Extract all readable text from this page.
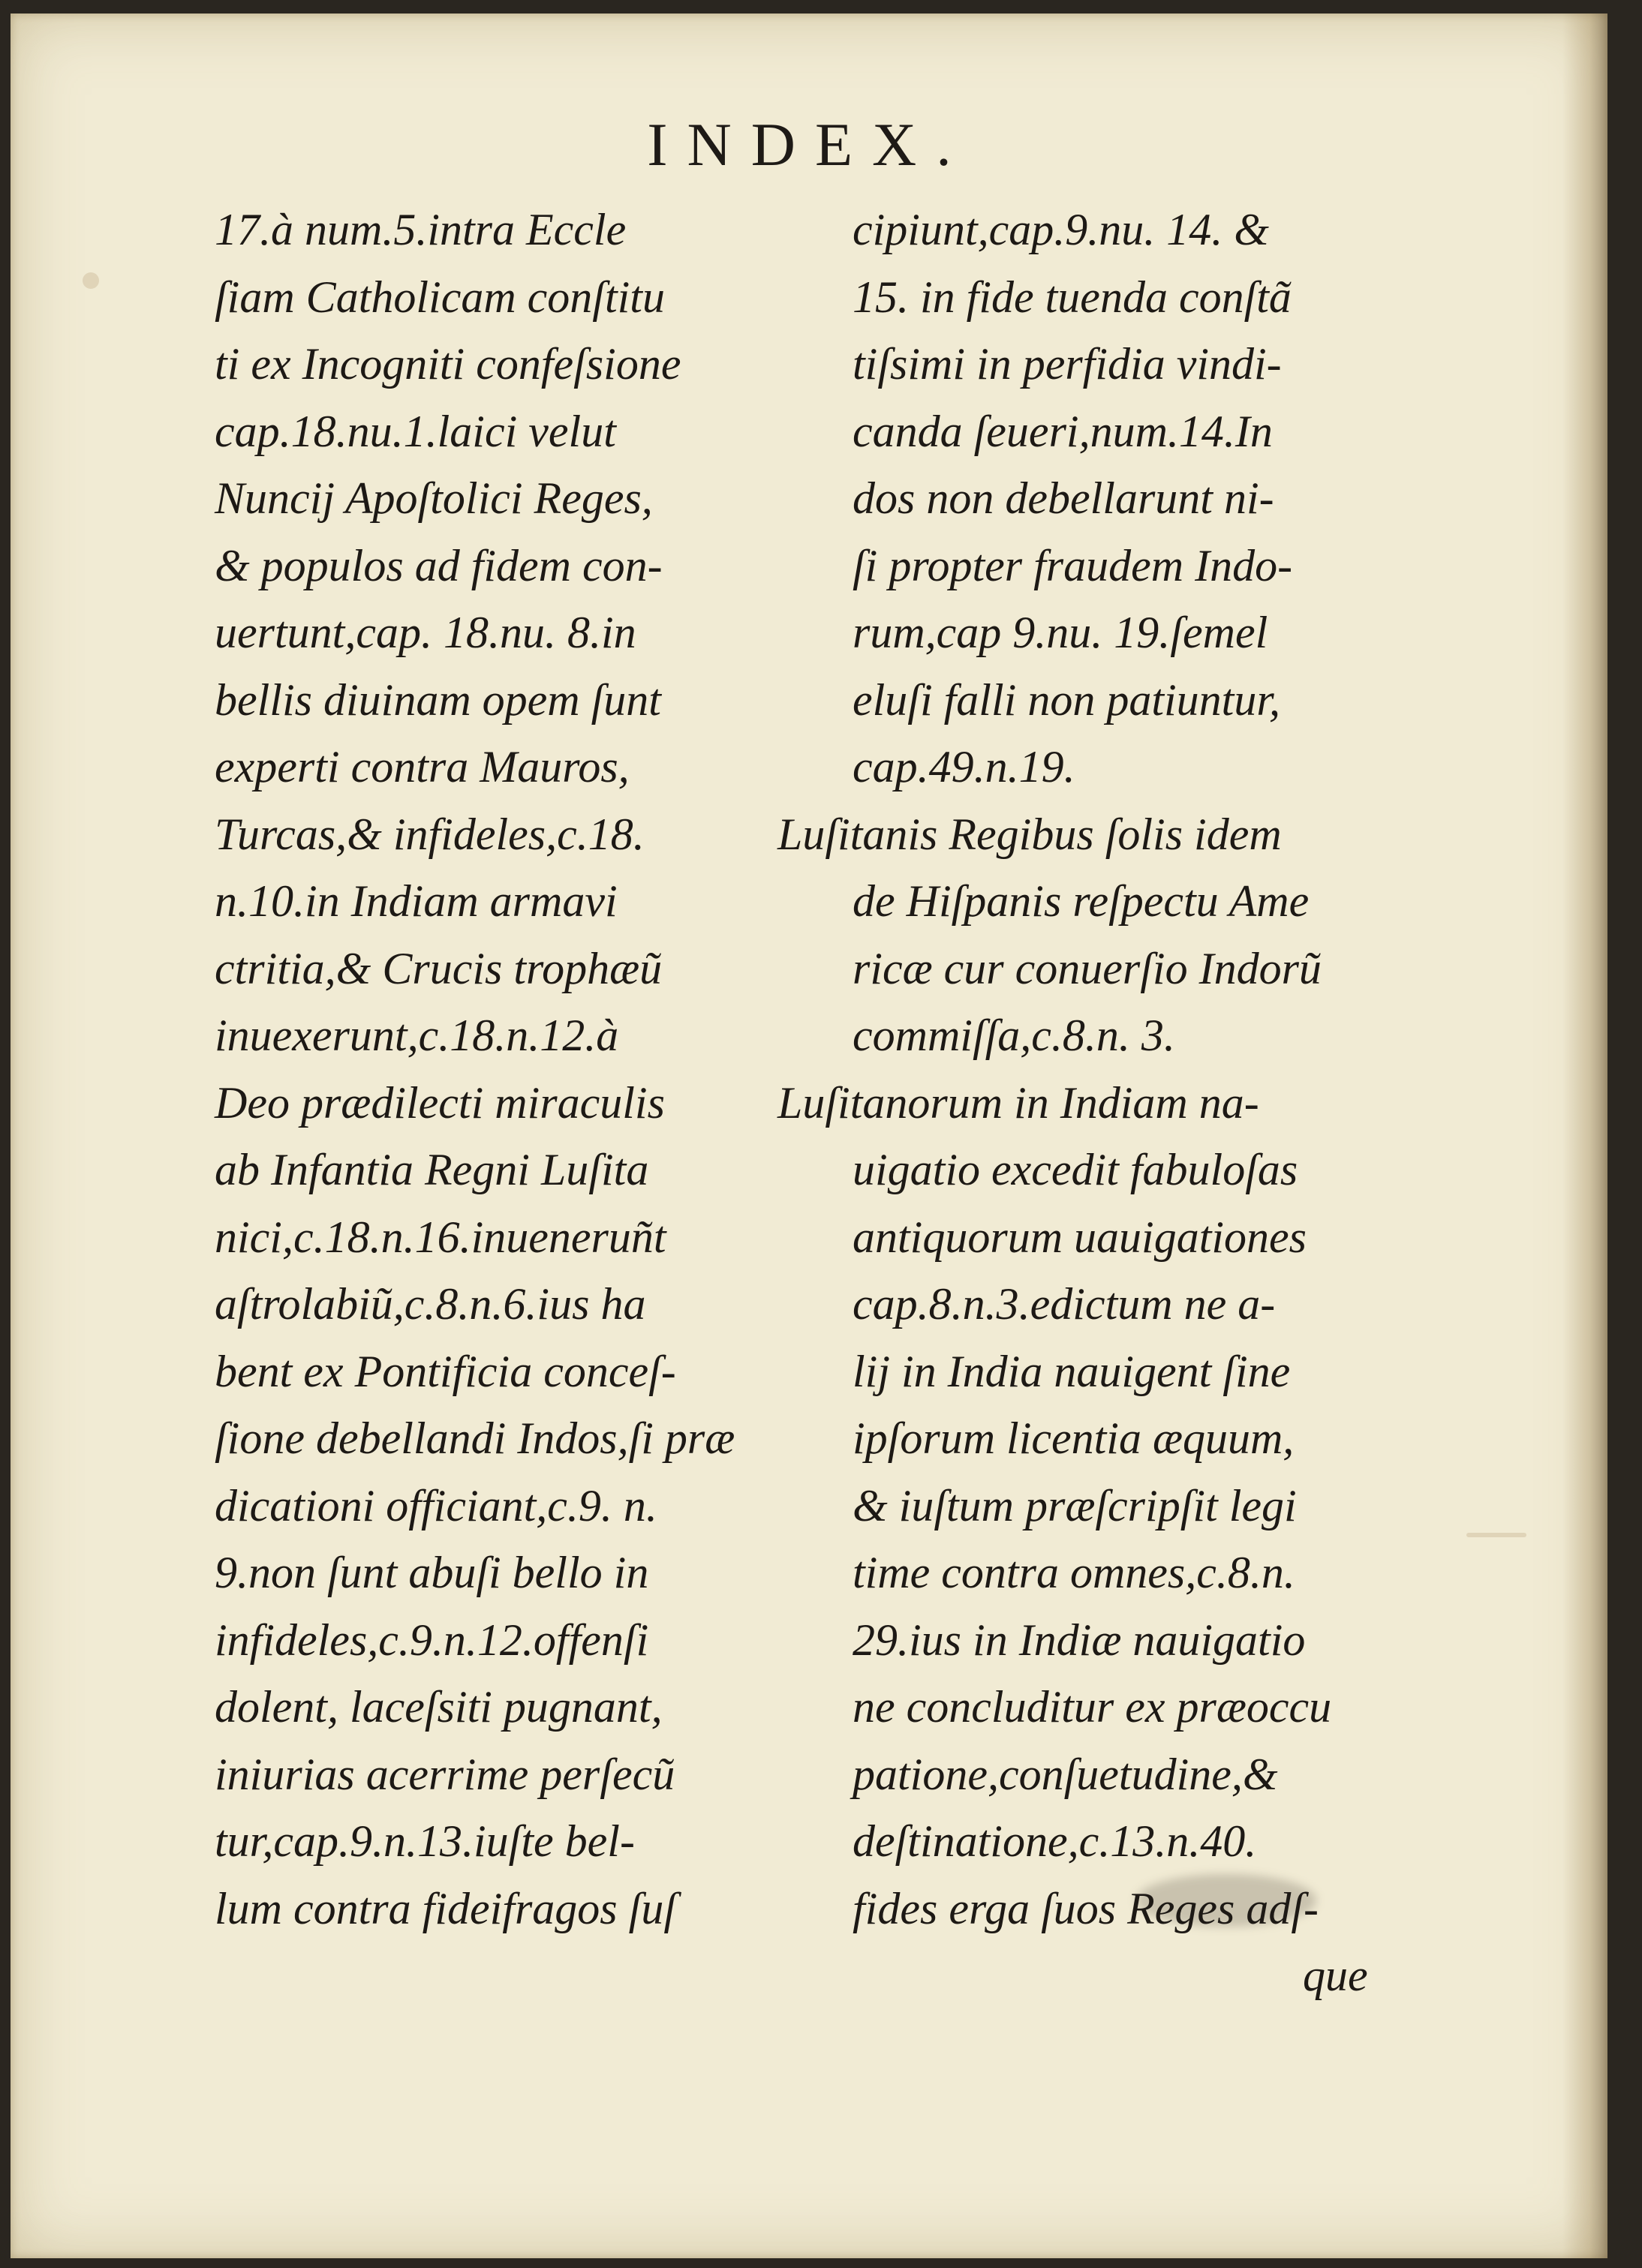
INDEX.
17.à num.5.intra Eccle
ſiam Catholicam conſtitu
ti ex Incogniti confeſsione
cap.18.nu.1.laici velut
Nuncij Apoſtolici Reges,
& populos ad fidem con-
uertunt,cap. 18.nu. 8.in
bellis diuinam opem ſunt
experti contra Mauros,
Turcas,& infideles,c.18.
n.10.in Indiam armavi
ctritia,& Crucis trophæũ
inuexerunt,c.18.n.12.à
Deo prædilecti miraculis
ab Infantia Regni Luſita
nici,c.18.n.16.inueneruñt
aſtrolabiũ,c.8.n.6.ius ha
bent ex Pontificia conceſ-
ſione debellandi Indos,ſi præ
dicationi officiant,c.9. n.
9.non ſunt abuſi bello in
infideles,c.9.n.12.offenſi
dolent, laceſsiti pugnant,
iniurias acerrime perſecũ
tur,cap.9.n.13.iuſte bel-
lum contra fideifragos ſuſ
cipiunt,cap.9.nu. 14. &
15. in fide tuenda conſtã
tiſsimi in perfidia vindi-
canda ſeueri,num.14.In
dos non debellarunt ni-
ſi propter fraudem Indo-
rum,cap 9.nu. 19.ſemel
eluſi falli non patiuntur,
cap.49.n.19.
Luſitanis Regibus ſolis idem
de Hiſpanis reſpectu Ame
ricæ cur conuerſio Indorũ
commiſſa,c.8.n. 3.
Luſitanorum in Indiam na-
uigatio excedit fabuloſas
antiquorum uauigationes
cap.8.n.3.edictum ne a-
lij in India nauigent ſine
ipſorum licentia æquum,
& iuſtum præſcripſit legi
time contra omnes,c.8.n.
29.ius in Indiæ nauigatio
ne concluditur ex præoccu
patione,conſuetudine,&
deſtinatione,c.13.n.40.
fides erga ſuos Reges adſ-
que
